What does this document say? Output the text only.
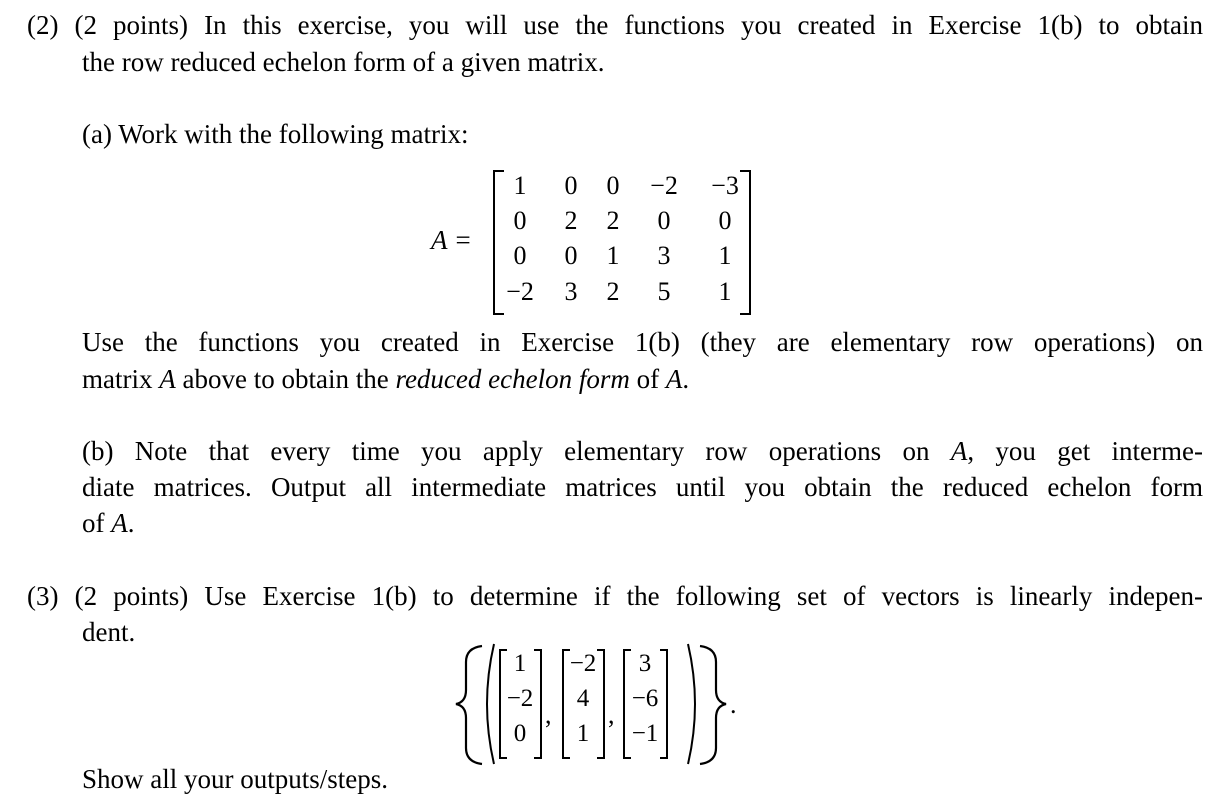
(2) (2 points) In this exercise, you will use the functions you created in Exercise 1(b) to obtain
the row reduced echelon form of a given matrix.
(a) Work with the following matrix:
A =
1	0	0	−2	−3
0	2	2	0	0
0	0	1	3	1
−2	3	2	5	1
Use the functions you created in Exercise 1(b) (they are elementary row operations) on
matrix A above to obtain the reduced echelon form of A.
(b) Note that every time you apply elementary row operations on A, you get interme-
diate matrices. Output all intermediate matrices until you obtain the reduced echelon form
of A.
(3) (2 points) Use Exercise 1(b) to determine if the following set of vectors is linearly indepen-
dent.
1
−2
0
,
−2
4
1
,
3
−6
−1
.
Show all your outputs/steps.
